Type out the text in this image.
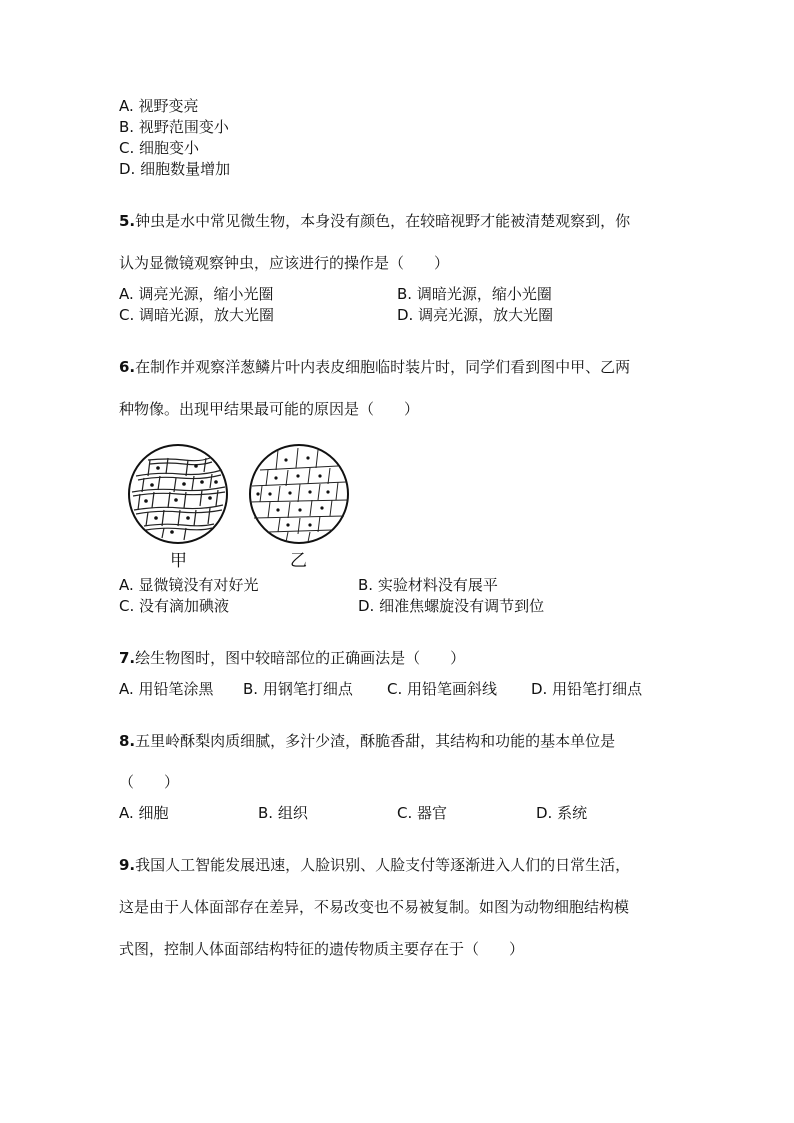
A. 视野变亮
B. 视野范围变小
C. 细胞变小
D. 细胞数量增加
5.钟虫是水中常见微生物，本身没有颜色，在较暗视野才能被清楚观察到，你
认为显微镜观察钟虫，应该进行的操作是（　　）
A. 调亮光源，缩小光圈	B. 调暗光源，缩小光圈
C. 调暗光源，放大光圈	D. 调亮光源，放大光圈
6.在制作并观察洋葱鳞片叶内表皮细胞临时装片时，同学们看到图中甲、乙两
种物像。出现甲结果最可能的原因是（　　）
甲	乙
A. 显微镜没有对好光	B. 实验材料没有展平
C. 没有滴加碘液	D. 细准焦螺旋没有调节到位
7.绘生物图时，图中较暗部位的正确画法是（　　）
A. 用铅笔涂黑 B. 用钢笔打细点 C. 用铅笔画斜线 D. 用铅笔打细点
8.五里岭酥梨肉质细腻，多汁少渣，酥脆香甜，其结构和功能的基本单位是
（　　）
A. 细胞	B. 组织	C. 器官	D. 系统
9.我国人工智能发展迅速，人脸识别、人脸支付等逐渐进入人们的日常生活，
这是由于人体面部存在差异，不易改变也不易被复制。如图为动物细胞结构模
式图，控制人体面部结构特征的遗传物质主要存在于（　　）
